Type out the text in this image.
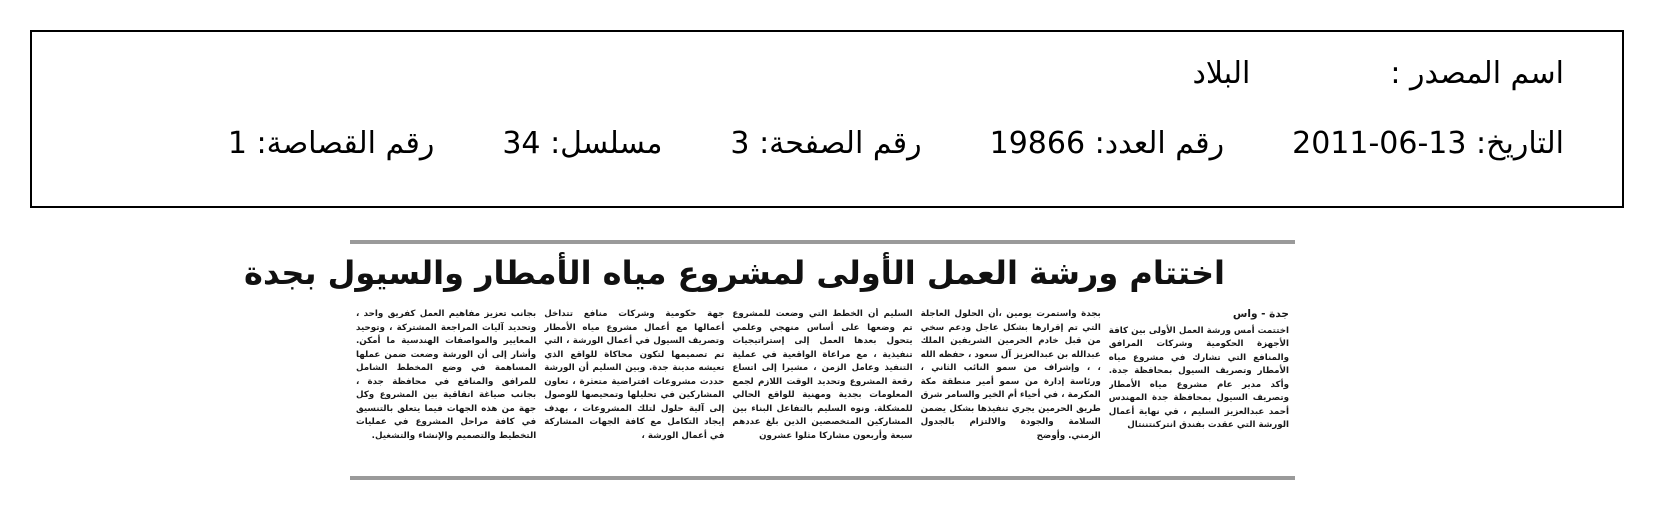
اسم المصدر :البلاد
التاريخ: 2011-06-13رقم العدد: 19866رقم الصفحة: 3مسلسل: 34رقم القصاصة: 1
اختتام ورشة العمل الأولى لمشروع مياه الأمطار والسيول بجدة
جدة - واس
اختتمت أمس ورشة العمل الأولى بين كافة الأجهزة الحكومية وشركات المرافق والمنافع التي تشارك في مشروع مياه الأمطار وتصريف السيول بمحافظة جدة. وأكد مدير عام مشروع مياه الأمطار وتصريف السيول بمحافظة جدة المهندس أحمد عبدالعزيز السليم ، في نهاية أعمال الورشة التي عقدت بفندق انتركنتننتال
بجدة واستمرت يومين ،أن الحلول العاجلة التي تم إقرارها بشكل عاجل ودعم سخي من قبل خادم الحرمين الشريفين الملك عبدالله بن عبدالعزيز آل سعود ، حفظه الله ، ، وإشراف من سمو النائب الثاني ، ورئاسة إدارة من سمو أمير منطقة مكة المكرمة ، في أحياء أم الخير والسامر شرق طريق الحرمين يجري تنفيذها بشكل يضمن السلامة والجودة والالتزام بالجدول الزمني. وأوضح
السليم أن الخطط التي وضعت للمشروع تم وضعها على أساس منهجي وعلمي يتحول بعدها العمل إلى إستراتيجيات تنفيذية ، مع مراعاة الواقعية في عملية التنفيذ وعامل الزمن ، مشيرا إلى اتساع رقعة المشروع وتحديد الوقت اللازم لجمع المعلومات بجدية ومهنية للواقع الحالي للمشكلة. ونوه السليم بالتفاعل البناء بين المشاركين المتخصصين الذين بلغ عددهم سبعة وأربعون مشاركا مثلوا عشرون
جهة حكومية وشركات منافع تتداخل أعمالها مع أعمال مشروع مياه الأمطار وتصريف السيول في أعمال الورشة ، التي تم تصميمها لتكون محاكاة للواقع الذي تعيشه مدينة جدة. وبين السليم أن الورشة حددت مشروعات افتراضية متعثرة ، تعاون المشاركين في تحليلها وتمحيصها للوصول إلى آلية حلول لتلك المشروعات ، بهدف إيجاد التكامل مع كافة الجهات المشاركة في أعمال الورشة ،
بجانب تعزيز مفاهيم العمل كفريق واحد ، وتحديد آليات المراجعة المشتركة ، وتوحيد المعايير والمواصفات الهندسية ما أمكن. وأشار إلى أن الورشة وضعت ضمن عملها المساهمة في وضع المخطط الشامل للمرافق والمنافع في محافظة جدة ، بجانب صياغة اتفاقية بين المشروع وكل جهة من هذه الجهات فيما يتعلق بالتنسيق في كافة مراحل المشروع في عمليات التخطيط والتصميم والإنشاء والتشغيل.
